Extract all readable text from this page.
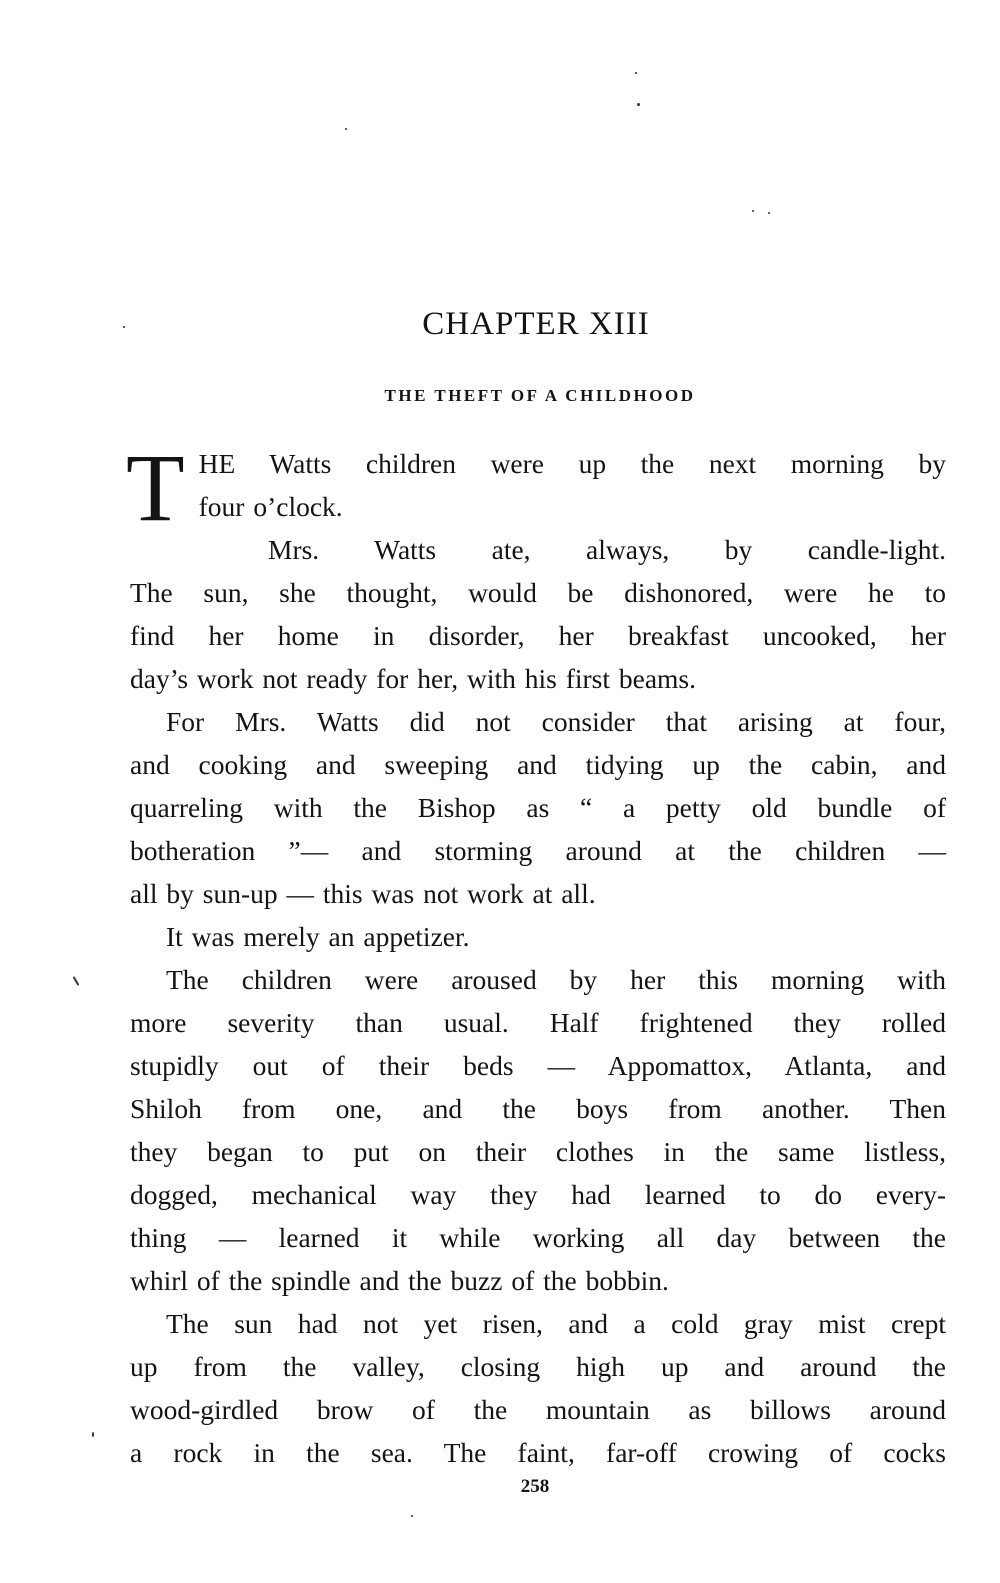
CHAPTER XIII
THE THEFT OF A CHILDHOOD
T HE Watts children were up the next morning by
four o’clock.
Mrs. Watts ate, always, by candle-light.
The sun, she thought, would be dishonored, were he to
find her home in disorder, her breakfast uncooked, her
day’s work not ready for her, with his first beams.
For Mrs. Watts did not consider that arising at four,
and cooking and sweeping and tidying up the cabin, and
quarreling with the Bishop as “ a petty old bundle of
botheration ”— and storming around at the children —
all by sun-up — this was not work at all.
It was merely an appetizer.
The children were aroused by her this morning with
more severity than usual. Half frightened they rolled
stupidly out of their beds — Appomattox, Atlanta, and
Shiloh from one, and the boys from another. Then
they began to put on their clothes in the same listless,
dogged, mechanical way they had learned to do every-
thing — learned it while working all day between the
whirl of the spindle and the buzz of the bobbin.
The sun had not yet risen, and a cold gray mist crept
up from the valley, closing high up and around the
wood-girdled brow of the mountain as billows around
a rock in the sea. The faint, far-off crowing of cocks
258
